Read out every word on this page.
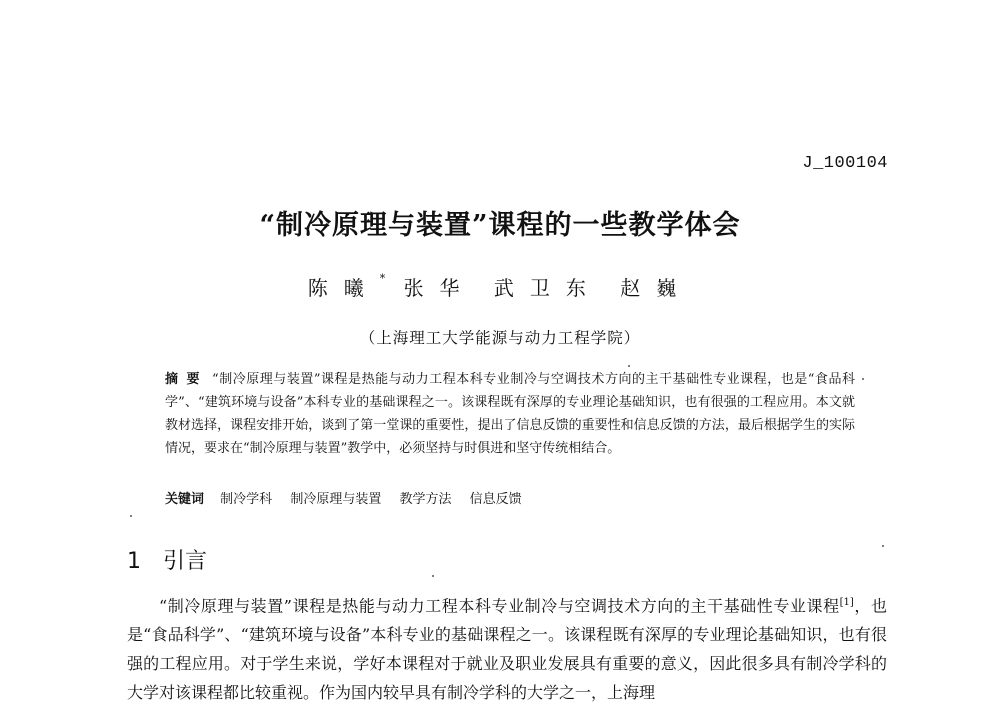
J_100104
“制冷原理与装置”课程的一些教学体会
陈曦* 张华 武卫东 赵巍
（上海理工大学能源与动力工程学院）
摘要 “制冷原理与装置”课程是热能与动力工程本科专业制冷与空调技术方向的主干基础性专业课程，也是“食品科学”、“建筑环境与设备”本科专业的基础课程之一。该课程既有深厚的专业理论基础知识，也有很强的工程应用。本文就教材选择，课程安排开始，谈到了第一堂课的重要性，提出了信息反馈的重要性和信息反馈的方法，最后根据学生的实际情况，要求在“制冷原理与装置”教学中，必须坚持与时俱进和坚守传统相结合。
关键词 制冷学科 制冷原理与装置 教学方法 信息反馈
1 引言
“制冷原理与装置”课程是热能与动力工程本科专业制冷与空调技术方向的主干基础性专业课程[1]，也是“食品科学”、“建筑环境与设备”本科专业的基础课程之一。该课程既有深厚的专业理论基础知识，也有很强的工程应用。对于学生来说，学好本课程对于就业及职业发展具有重要的意义，因此很多具有制冷学科的大学对该课程都比较重视。作为国内较早具有制冷学科的大学之一，上海理
